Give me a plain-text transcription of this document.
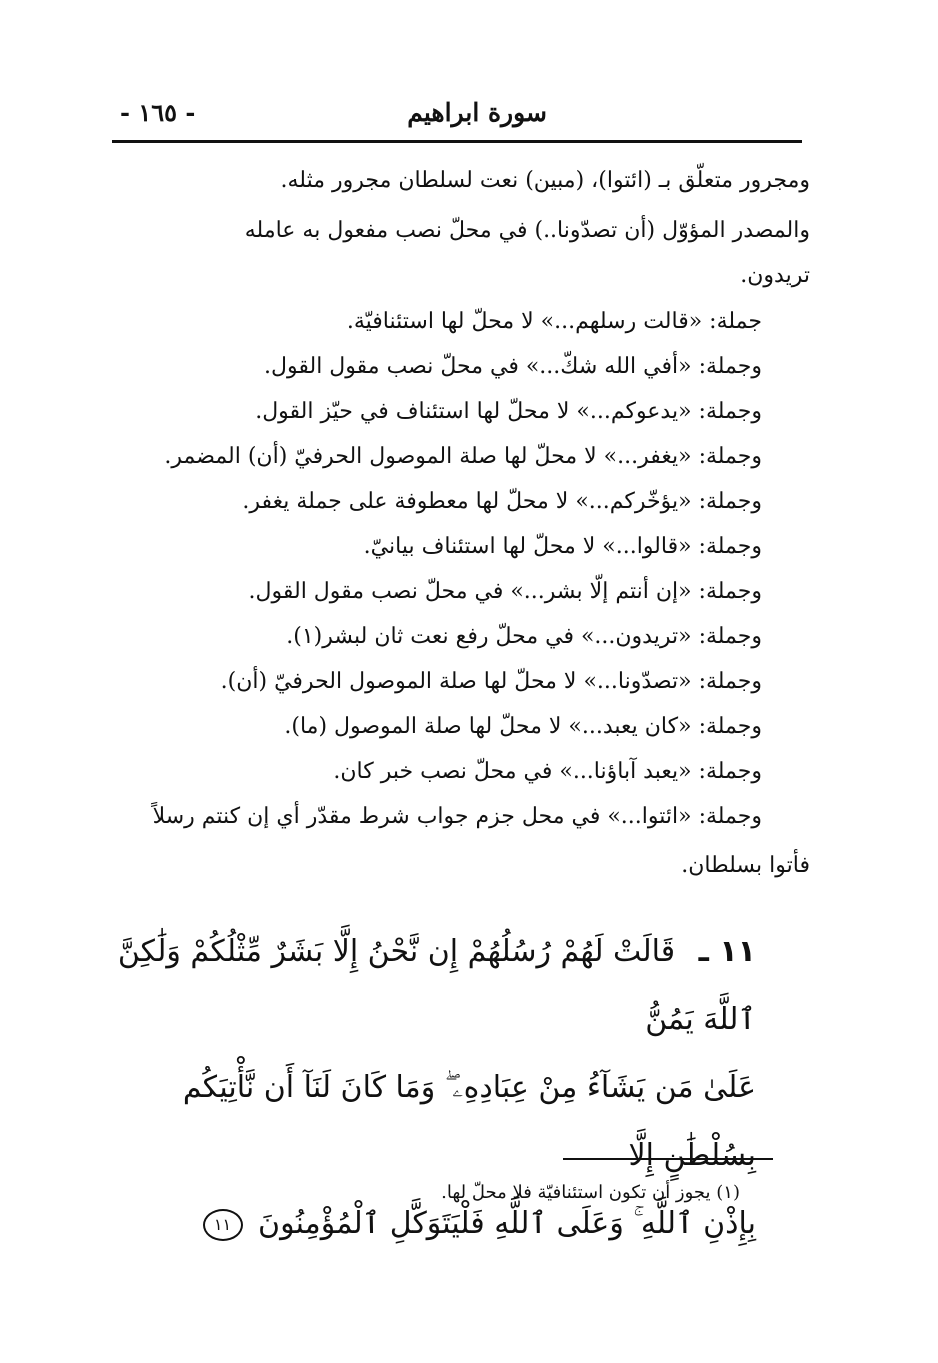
سورة ابراهيم
- ١٦٥ -

ومجرور متعلّق بـ (ائتوا)، (مبين) نعت لسلطان مجرور مثله.

والمصدر المؤوّل (أن تصدّونا..) في محلّ نصب مفعول به عامله

تريدون.

جملة: «قالت رسلهم...» لا محلّ لها استئنافيّة.
وجملة: «أفي الله شكّ...» في محلّ نصب مقول القول.
وجملة: «يدعوكم...» لا محلّ لها استئناف في حيّز القول.
وجملة: «يغفر...» لا محلّ لها صلة الموصول الحرفيّ (أن) المضمر.
وجملة: «يؤخّركم...» لا محلّ لها معطوفة على جملة يغفر.
وجملة: «قالوا...» لا محلّ لها استئناف بيانيّ.
وجملة: «إن أنتم إلّا بشر...» في محلّ نصب مقول القول.
وجملة: «تريدون...» في محلّ رفع نعت ثان لبشر(١).
وجملة: «تصدّونا...» لا محلّ لها صلة الموصول الحرفيّ (أن).
وجملة: «كان يعبد...» لا محلّ لها صلة الموصول (ما).
وجملة: «يعبد آباؤنا...» في محلّ نصب خبر كان.
وجملة: «ائتوا...» في محل جزم جواب شرط مقدّر أي إن كنتم رسلاً
فأتوا بسلطان.
١١ ـ قَالَتْ لَهُمْ رُسُلُهُمْ إِن نَّحْنُ إِلَّا بَشَرٌ مِّثْلُكُمْ وَلَٰكِنَّ ٱللَّهَ يَمُنُّ
عَلَىٰ مَن يَشَآءُ مِنْ عِبَادِهِۦ ۖ وَمَا كَانَ لَنَآ أَن نَّأْتِيَكُم بِسُلْطَٰنٍ إِلَّا
بِإِذْنِ ٱللَّهِ ۚ وَعَلَى ٱللَّهِ فَلْيَتَوَكَّلِ ٱلْمُؤْمِنُونَ ١١
(١) يجوز أن تكون استئنافيّة فلا محلّ لها.
